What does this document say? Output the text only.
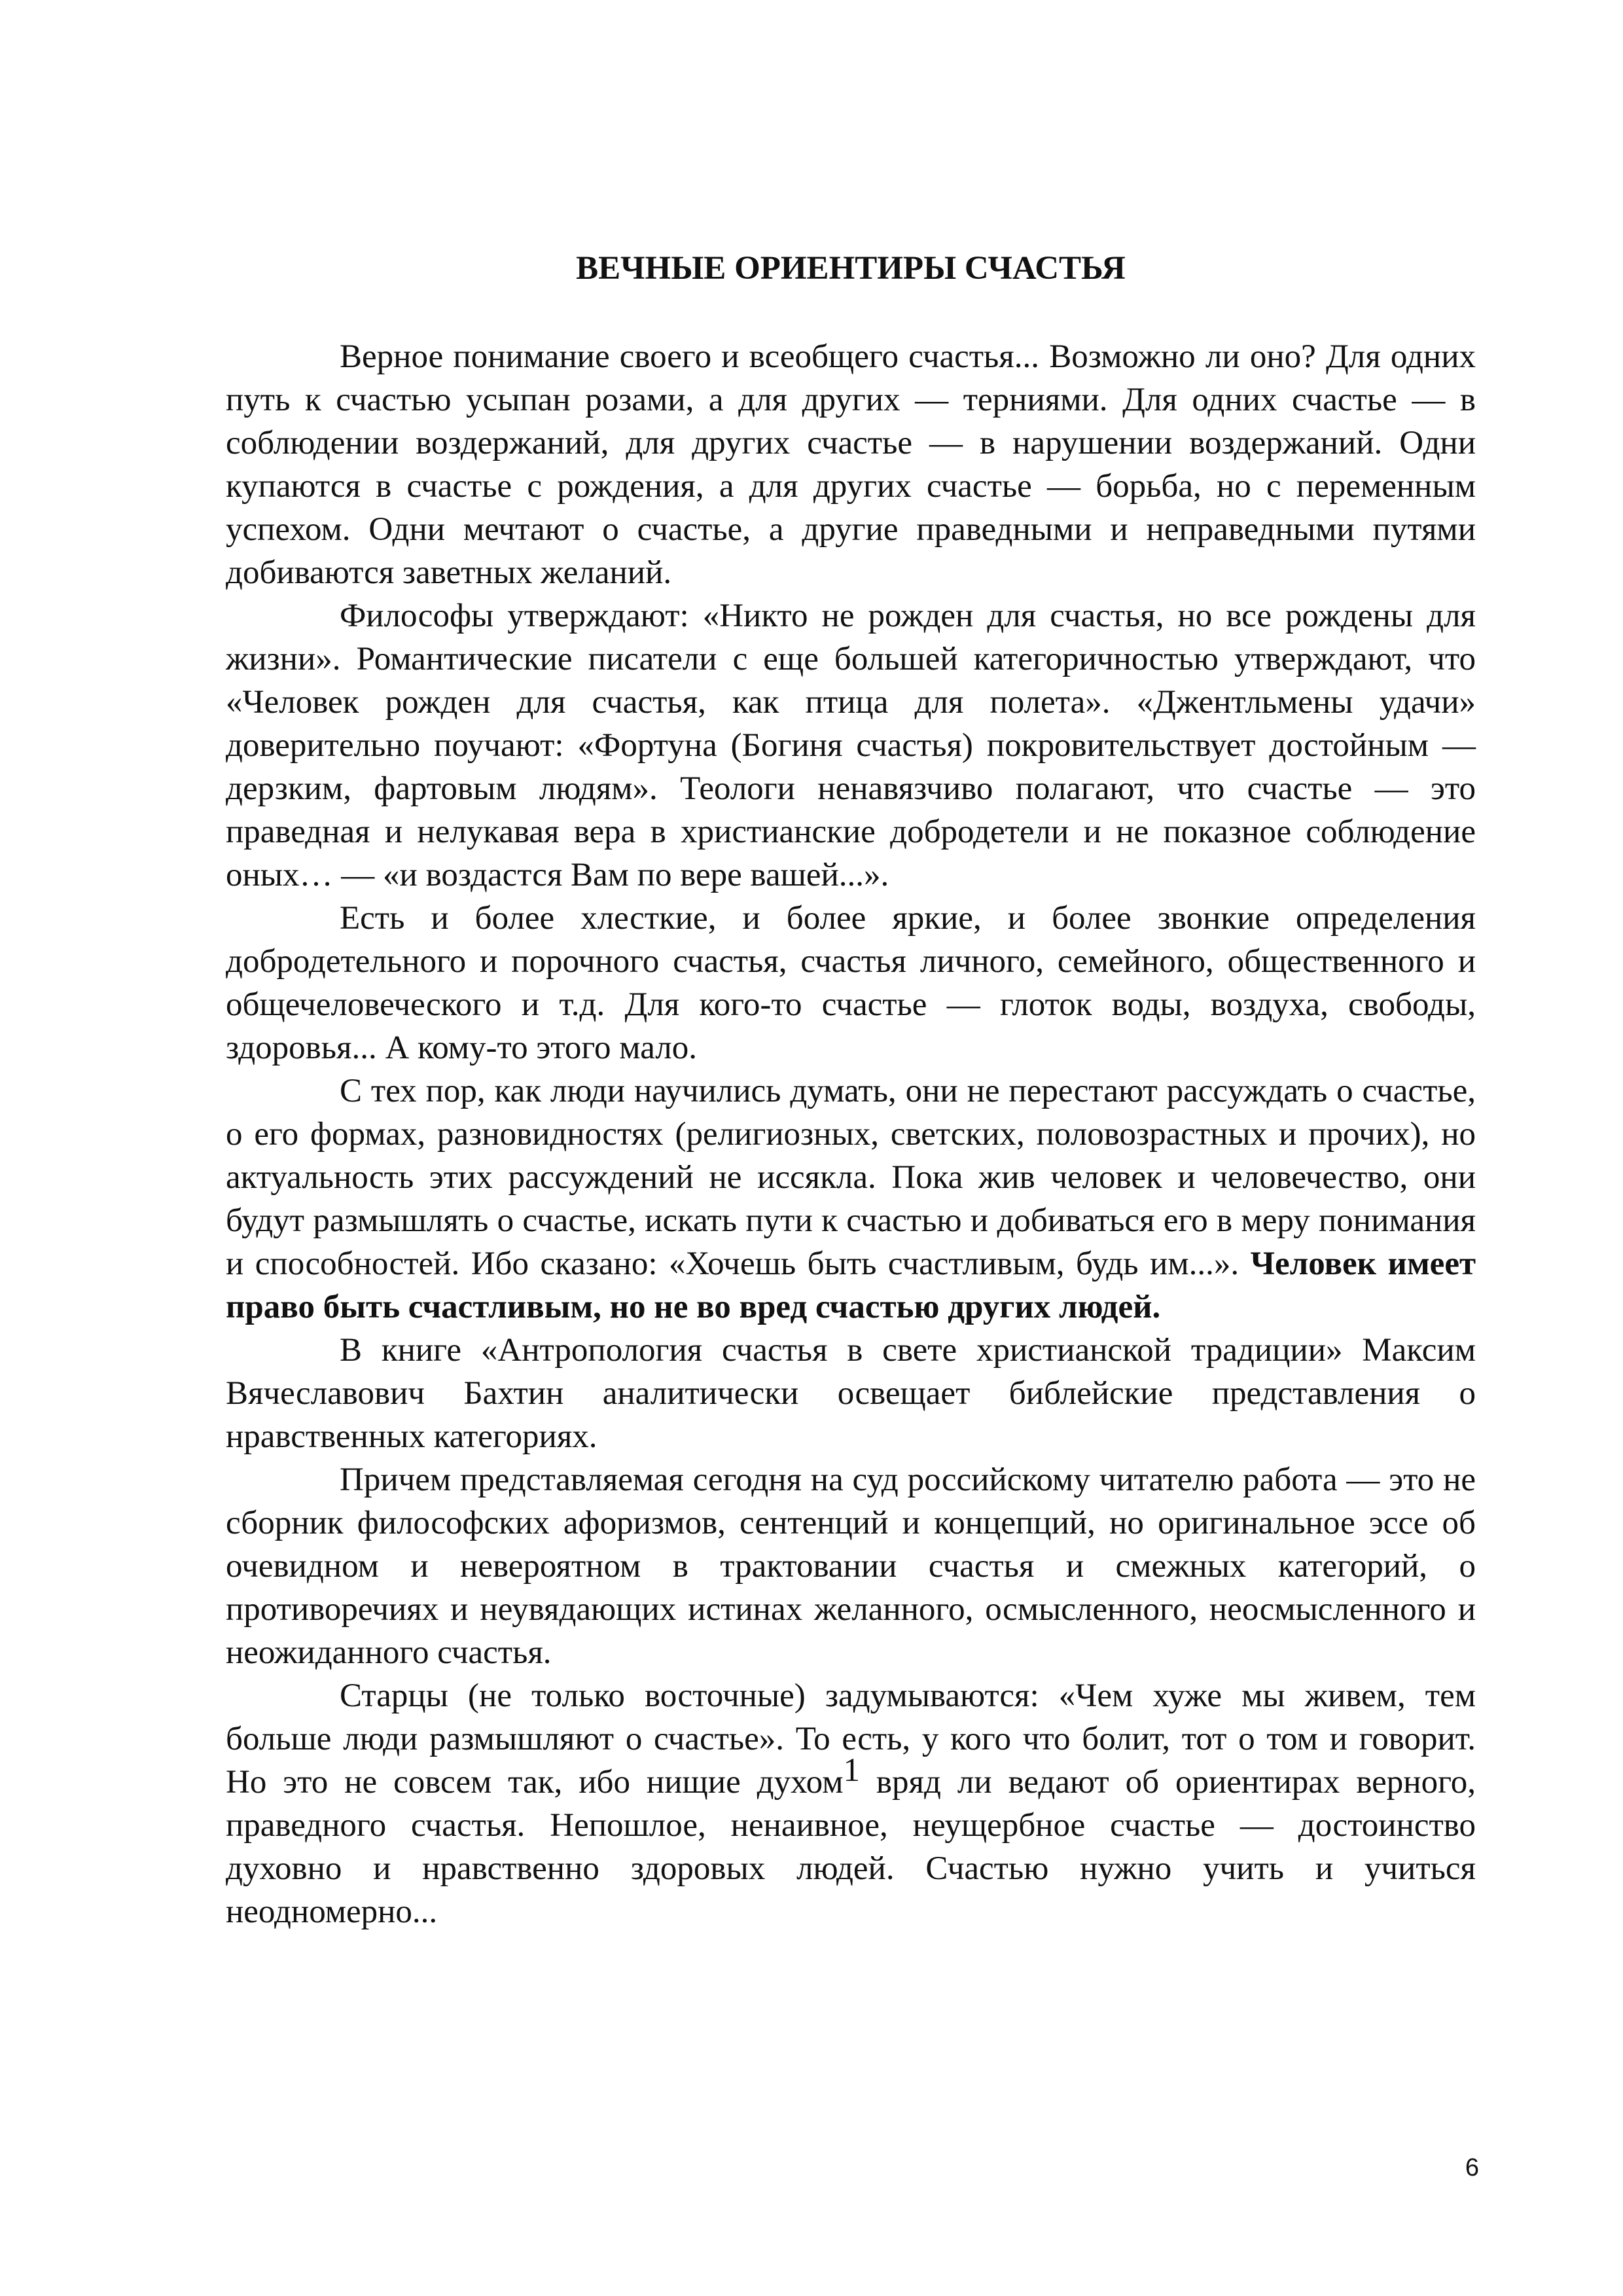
ВЕЧНЫЕ ОРИЕНТИРЫ СЧАСТЬЯ

Верное понимание своего и всеобщего счастья... Возможно ли оно? Для одних путь к счастью усыпан розами, а для других — терниями. Для одних счастье — в соблюдении воздержаний, для других счастье — в нарушении воздержаний. Одни купаются в счастье с рождения, а для других счастье — борьба, но с переменным успехом. Одни мечтают о счастье, а другие праведными и неправедными путями добиваются заветных желаний.

Философы утверждают: «Никто не рожден для счастья, но все рождены для жизни». Романтические писатели с еще большей категоричностью утверждают, что «Человек рожден для счастья, как птица для полета». «Джентльмены удачи» доверительно поучают: «Фортуна (Богиня счастья) покровительствует достойным — дерзким, фартовым людям». Теологи ненавязчиво полагают, что счастье — это праведная и нелукавая вера в христианские добродетели и не показное соблюдение оных… — «и воздастся Вам по вере вашей...».

Есть и более хлесткие, и более яркие, и более звонкие определения добродетельного и порочного счастья, счастья личного, семейного, общественного и общечеловеческого и т.д. Для кого-то счастье — глоток воды, воздуха, свободы, здоровья... А кому-то этого мало.

С тех пор, как люди научились думать, они не перестают рассуждать о счастье, о его формах, разновидностях (религиозных, светских, половозрастных и прочих), но актуальность этих рассуждений не иссякла. Пока жив человек и человечество, они будут размышлять о счастье, искать пути к счастью и добиваться его в меру понимания и способностей. Ибо сказано: «Хочешь быть счастливым, будь им...». Человек имеет право быть счастливым, но не во вред счастью других людей.

В книге «Антропология счастья в свете христианской традиции» Максим Вячеславович Бахтин аналитически освещает библейские представления о нравственных категориях.

Причем представляемая сегодня на суд российскому читателю работа — это не сборник философских афоризмов, сентенций и концепций, но оригинальное эссе об очевидном и невероятном в трактовании счастья и смежных категорий, о противоречиях и неувядающих истинах желанного, осмысленного, неосмысленного и неожиданного счастья.

Старцы (не только восточные) задумываются: «Чем хуже мы живем, тем больше люди размышляют о счастье». То есть, у кого что болит, тот о том и говорит. Но это не совсем так, ибо нищие духом1 вряд ли ведают об ориентирах верного, праведного счастья. Непошлое, ненаивное, неущербное счастье — достоинство духовно и нравственно здоровых людей. Счастью нужно учить и учиться неодномерно...

6
